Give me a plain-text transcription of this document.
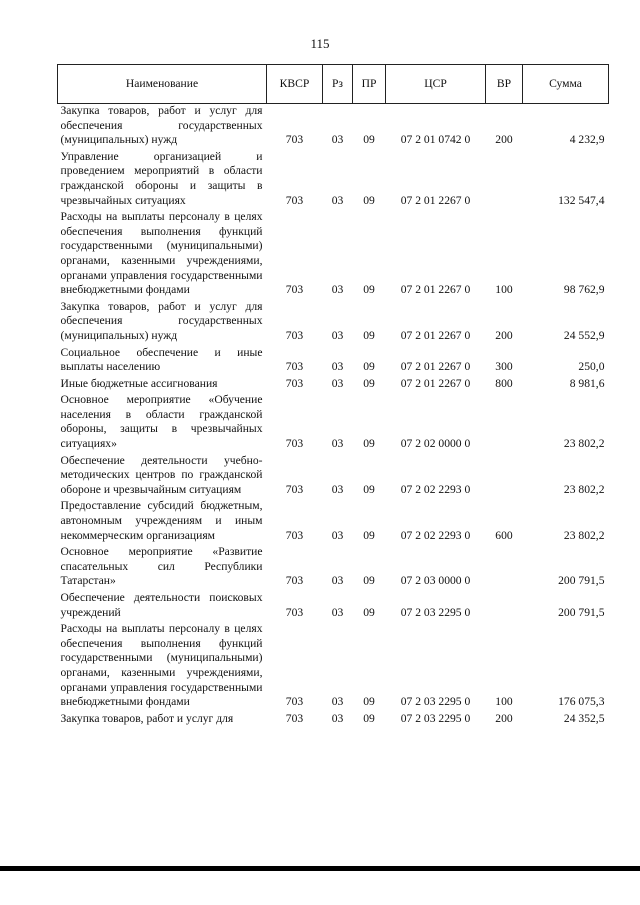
115
Наименование	КВСР	Рз	ПР	ЦСР	ВР	Сумма
Закупка товаров, работ и услуг для обеспечения государственных (муниципальных) нужд	703	03	09	07 2 01 0742 0	200	4 232,9
Управление организацией и проведением мероприятий в области гражданской обороны и защиты в чрезвычайных ситуациях	703	03	09	07 2 01 2267 0		132 547,4
Расходы на выплаты персоналу в целях обеспечения выполнения функций государственными (муниципальными) органами, казенными учреждениями, органами управления государственными внебюджетными фондами	703	03	09	07 2 01 2267 0	100	98 762,9
Закупка товаров, работ и услуг для обеспечения государственных (муниципальных) нужд	703	03	09	07 2 01 2267 0	200	24 552,9
Социальное обеспечение и иные выплаты населению	703	03	09	07 2 01 2267 0	300	250,0
Иные бюджетные ассигнования	703	03	09	07 2 01 2267 0	800	8 981,6
Основное мероприятие «Обучение населения в области гражданской обороны, защиты в чрезвычайных ситуациях»	703	03	09	07 2 02 0000 0		23 802,2
Обеспечение деятельности учебно-методических центров по гражданской обороне и чрезвычайным ситуациям	703	03	09	07 2 02 2293 0		23 802,2
Предоставление субсидий бюджетным, автономным учреждениям и иным некоммерческим организациям	703	03	09	07 2 02 2293 0	600	23 802,2
Основное мероприятие «Развитие спасательных сил Республики Татарстан»	703	03	09	07 2 03 0000 0		200 791,5
Обеспечение деятельности поисковых учреждений	703	03	09	07 2 03 2295 0		200 791,5
Расходы на выплаты персоналу в целях обеспечения выполнения функций государственными (муниципальными) органами, казенными учреждениями, органами управления государственными внебюджетными фондами	703	03	09	07 2 03 2295 0	100	176 075,3
Закупка товаров, работ и услуг для	703	03	09	07 2 03 2295 0	200	24 352,5
